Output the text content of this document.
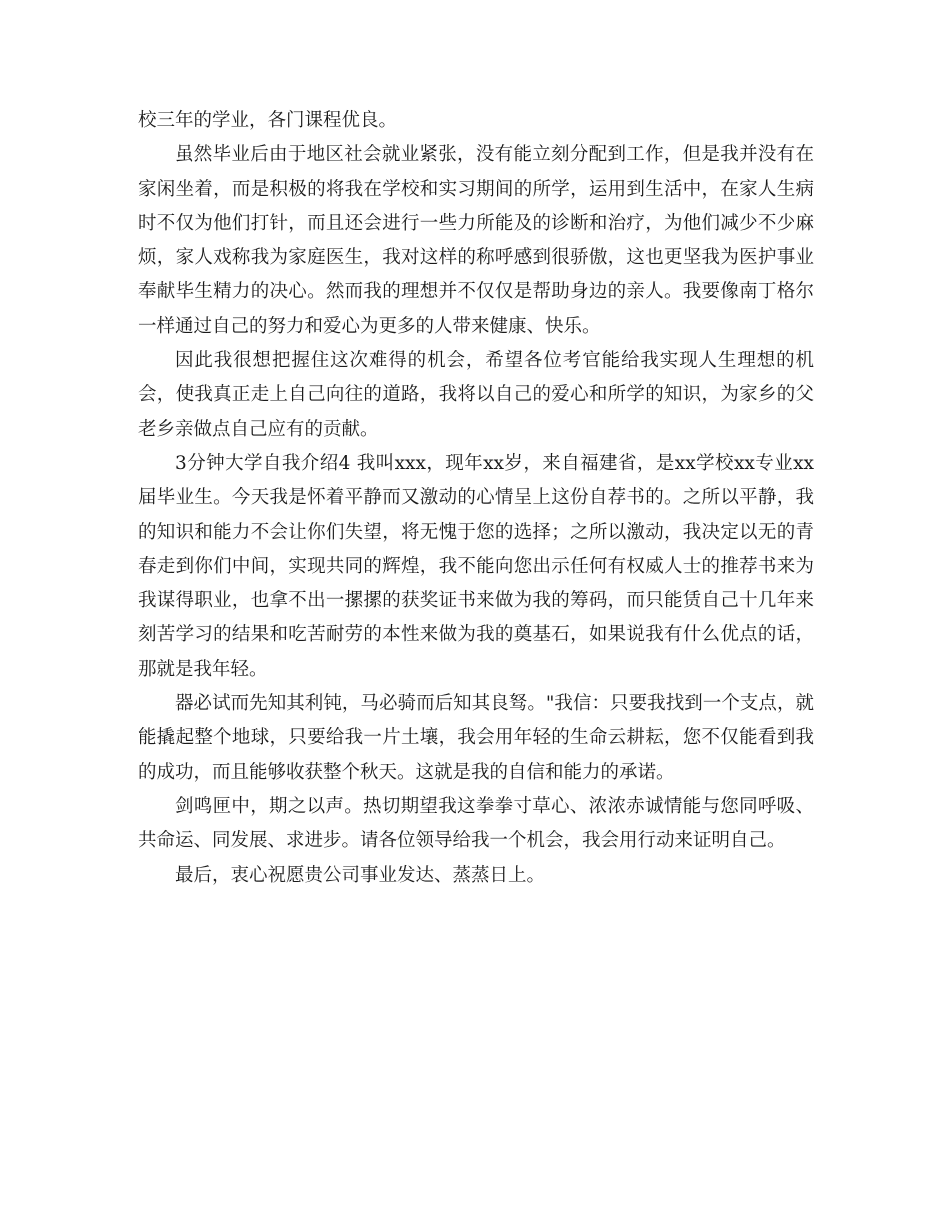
校三年的学业，各门课程优良。

虽然毕业后由于地区社会就业紧张，没有能立刻分配到工作，但是我并没有在家闲坐着，而是积极的将我在学校和实习期间的所学，运用到生活中，在家人生病时不仅为他们打针，而且还会进行一些力所能及的诊断和治疗，为他们减少不少麻烦，家人戏称我为家庭医生，我对这样的称呼感到很骄傲，这也更坚我为医护事业奉献毕生精力的决心。然而我的理想并不仅仅是帮助身边的亲人。我要像南丁格尔一样通过自己的努力和爱心为更多的人带来健康、快乐。

因此我很想把握住这次难得的机会，希望各位考官能给我实现人生理想的机会，使我真正走上自己向往的道路，我将以自己的爱心和所学的知识，为家乡的父老乡亲做点自己应有的贡献。

3分钟大学自我介绍4 我叫xxx，现年xx岁，来自福建省，是xx学校xx专业xx届毕业生。今天我是怀着平静而又激动的心情呈上这份自荐书的。之所以平静，我的知识和能力不会让你们失望，将无愧于您的选择；之所以激动，我决定以无的青春走到你们中间，实现共同的辉煌，我不能向您出示任何有权威人士的推荐书来为我谋得职业，也拿不出一摞摞的获奖证书来做为我的筹码，而只能赁自己十几年来刻苦学习的结果和吃苦耐劳的本性来做为我的奠基石，如果说我有什么优点的话，那就是我年轻。

器必试而先知其利钝，马必骑而后知其良驽。"我信：只要我找到一个支点，就能撬起整个地球，只要给我一片土壤，我会用年轻的生命云耕耘，您不仅能看到我的成功，而且能够收获整个秋天。这就是我的自信和能力的承诺。

剑鸣匣中，期之以声。热切期望我这拳拳寸草心、浓浓赤诚情能与您同呼吸、共命运、同发展、求进步。请各位领导给我一个机会，我会用行动来证明自己。

最后，衷心祝愿贵公司事业发达、蒸蒸日上。
